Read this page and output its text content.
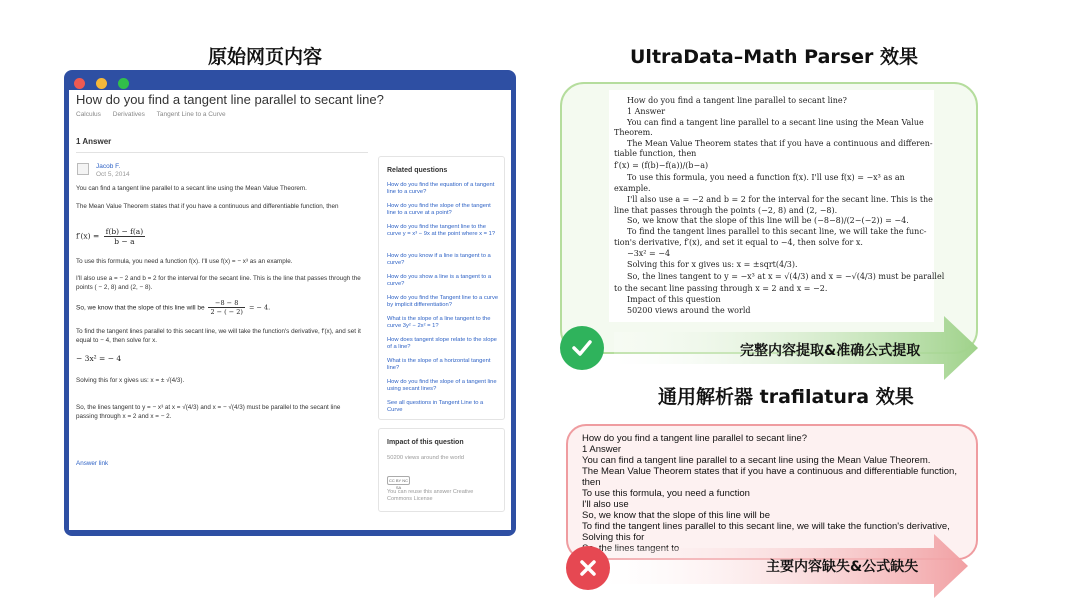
原始网页内容	UltraData–Math Parser 效果
通用解析器 trafilatura 效果

How do you find a tangent line parallel to secant line?
Calculus Derivatives Tangent Line to a Curve
1 Answer
Jacob F.
Oct 5, 2014
You can find a tangent line parallel to a secant line using the Mean Value Theorem.
The Mean Value Theorem states that if you have a continuous and differentiable function, then
$f'(x) = \frac{f(b) - f(a)}{b - a}$
To use this formula, you need a function f(x). I'll use f(x) = − x³ as an example.
I'll also use a = − 2 and b = 2 for the interval for the secant line. This is the line that passes through the points ( − 2, 8) and (2, − 8).
So, we know that the slope of this line will be $\frac{-8 - 8}{2 - ( - 2)}$ = − 4.
To find the tangent lines parallel to this secant line, we will take the function's derivative, f′(x), and set it equal to − 4, then solve for x.
− 3x² = − 4
Solving this for x gives us: x = ± √(4/3).
So, the lines tangent to y = − x³ at x = √(4/3) and x = − √(4/3) must be parallel to the secant line passing through x = 2 and x = − 2.
Answer link
Related questions
How do you find the equation of a tangent line to a curve?
How do you find the slope of the tangent line to a curve at a point?
How do you find the tangent line to the curve y = x³ − 9x at the point where x = 1?
How do you know if a line is tangent to a curve?
How do you show a line is a tangent to a curve?
How do you find the Tangent line to a curve by implicit differentiation?
What is the slope of a line tangent to the curve 3y² − 2x² = 1?
How does tangent slope relate to the slope of a line?
What is the slope of a horizontal tangent line?
How do you find the slope of a tangent line using secant lines?
See all questions in Tangent Line to a Curve
Impact of this question
50200 views around the world
CC BY NC SA
You can reuse this answer Creative Commons License
How do you find a tangent line parallel to secant line?
1 Answer
You can find a tangent line parallel to a secant line using the Mean Value
Theorem.
The Mean Value Theorem states that if you have a continuous and differen-
tiable function, then
f′(x) = (f(b)−f(a))/(b−a)
To use this formula, you need a function f(x). I'll use f(x) = −x³ as an
example.
I'll also use a = −2 and b = 2 for the interval for the secant line. This is the
line that passes through the points (−2, 8) and (2, −8).
So, we know that the slope of this line will be (−8−8)/(2−(−2)) = −4.
To find the tangent lines parallel to this secant line, we will take the func-
tion's derivative, f′(x), and set it equal to −4, then solve for x.
−3x² = −4
Solving this for x gives us: x = ±sqrt(4/3).
So, the lines tangent to y = −x³ at x = √(4/3) and x = −√(4/3) must be parallel
to the secant line passing through x = 2 and x = −2.
Impact of this question
50200 views around the world
完整内容提取&准确公式提取
How do you find a tangent line parallel to secant line?
1 Answer
You can find a tangent line parallel to a secant line using the Mean Value Theorem.
The Mean Value Theorem states that if you have a continuous and differentiable function,
then
To use this formula, you need a function
I'll also use
So, we know that the slope of this line will be
To find the tangent lines parallel to this secant line, we will take the function's derivative,
Solving this for
主要内容缺失&公式缺失
